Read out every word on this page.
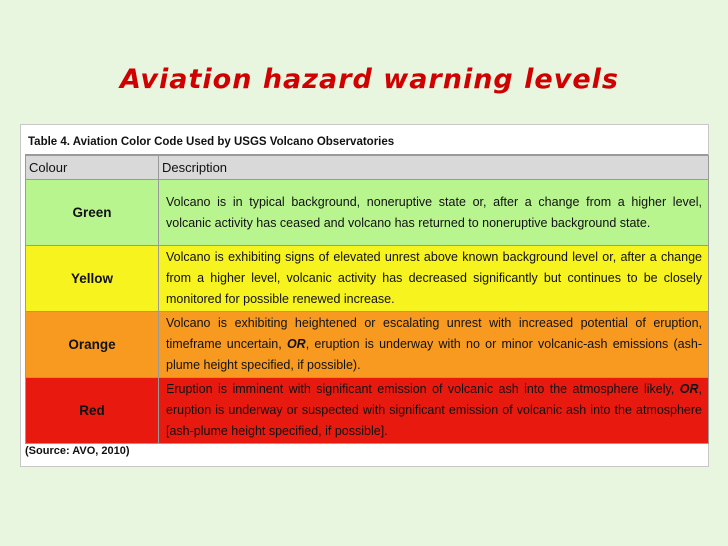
Aviation hazard warning levels
Table 4. Aviation Color Code Used by USGS Volcano Observatories
Colour	Description
Green	Volcano is in typical background, noneruptive state or, after a change from a higher level, volcanic activity has ceased and volcano has returned to noneruptive background state.
Yellow	Volcano is exhibiting signs of elevated unrest above known background level or, after a change from a higher level, volcanic activity has decreased significantly but continues to be closely monitored for possible renewed increase.
Orange	Volcano is exhibiting heightened or escalating unrest with increased potential of eruption, timeframe uncertain, OR, eruption is underway with no or minor volcanic-ash emissions (ash-plume height specified, if possible).
Red	Eruption is imminent with significant emission of volcanic ash into the atmosphere likely, OR, eruption is underway or suspected with significant emission of volcanic ash into the atmosphere [ash-plume height specified, if possible].
(Source: AVO, 2010)
